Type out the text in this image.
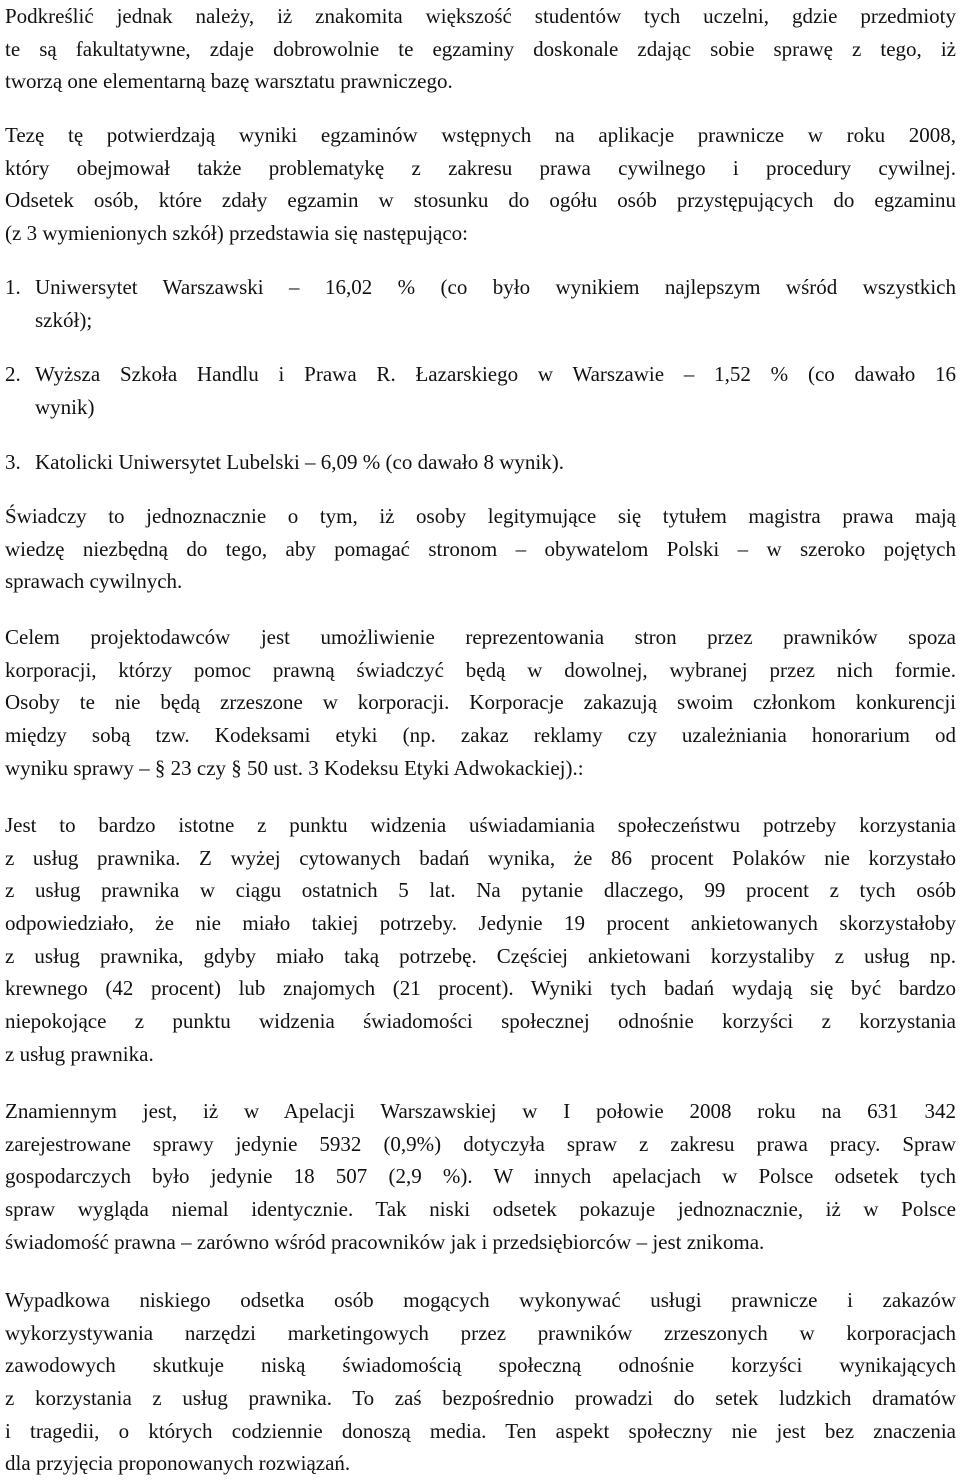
Podkreślić jednak należy, iż znakomita większość studentów tych uczelni, gdzie przedmioty
te są fakultatywne, zdaje dobrowolnie te egzaminy doskonale zdając sobie sprawę z tego, iż
tworzą one elementarną bazę warsztatu prawniczego.
Tezę tę potwierdzają wyniki egzaminów wstępnych na aplikacje prawnicze w roku 2008,
który obejmował także problematykę z zakresu prawa cywilnego i procedury cywilnej.
Odsetek osób, które zdały egzamin w stosunku do ogółu osób przystępujących do egzaminu
(z 3 wymienionych szkół) przedstawia się następująco:
1. Uniwersytet Warszawski – 16,02 % (co było wynikiem najlepszym wśród wszystkich
szkół);
2. Wyższa Szkoła Handlu i Prawa R. Łazarskiego w Warszawie – 1,52 % (co dawało 16
wynik)
3. Katolicki Uniwersytet Lubelski – 6,09 % (co dawało 8 wynik).
Świadczy to jednoznacznie o tym, iż osoby legitymujące się tytułem magistra prawa mają
wiedzę niezbędną do tego, aby pomagać stronom – obywatelom Polski – w szeroko pojętych
sprawach cywilnych.
Celem projektodawców jest umożliwienie reprezentowania stron przez prawników spoza
korporacji, którzy pomoc prawną świadczyć będą w dowolnej, wybranej przez nich formie.
Osoby te nie będą zrzeszone w korporacji. Korporacje zakazują swoim członkom konkurencji
między sobą tzw. Kodeksami etyki (np. zakaz reklamy czy uzależniania honorarium od
wyniku sprawy – § 23 czy § 50 ust. 3 Kodeksu Etyki Adwokackiej).:
Jest to bardzo istotne z punktu widzenia uświadamiania społeczeństwu potrzeby korzystania
z usług prawnika. Z wyżej cytowanych badań wynika, że 86 procent Polaków nie korzystało
z usług prawnika w ciągu ostatnich 5 lat. Na pytanie dlaczego, 99 procent z tych osób
odpowiedziało, że nie miało takiej potrzeby. Jedynie 19 procent ankietowanych skorzystałoby
z usług prawnika, gdyby miało taką potrzebę. Częściej ankietowani korzystaliby z usług np.
krewnego (42 procent) lub znajomych (21 procent). Wyniki tych badań wydają się być bardzo
niepokojące z punktu widzenia świadomości społecznej odnośnie korzyści z korzystania
z usług prawnika.
Znamiennym jest, iż w Apelacji Warszawskiej w I połowie 2008 roku na 631 342
zarejestrowane sprawy jedynie 5932 (0,9%) dotyczyła spraw z zakresu prawa pracy. Spraw
gospodarczych było jedynie 18 507 (2,9 %). W innych apelacjach w Polsce odsetek tych
spraw wygląda niemal identycznie. Tak niski odsetek pokazuje jednoznacznie, iż w Polsce
świadomość prawna – zarówno wśród pracowników jak i przedsiębiorców – jest znikoma.
Wypadkowa niskiego odsetka osób mogących wykonywać usługi prawnicze i zakazów
wykorzystywania narzędzi marketingowych przez prawników zrzeszonych w korporacjach
zawodowych skutkuje niską świadomością społeczną odnośnie korzyści wynikających
z korzystania z usług prawnika. To zaś bezpośrednio prowadzi do setek ludzkich dramatów
i tragedii, o których codziennie donoszą media. Ten aspekt społeczny nie jest bez znaczenia
dla przyjęcia proponowanych rozwiązań.
